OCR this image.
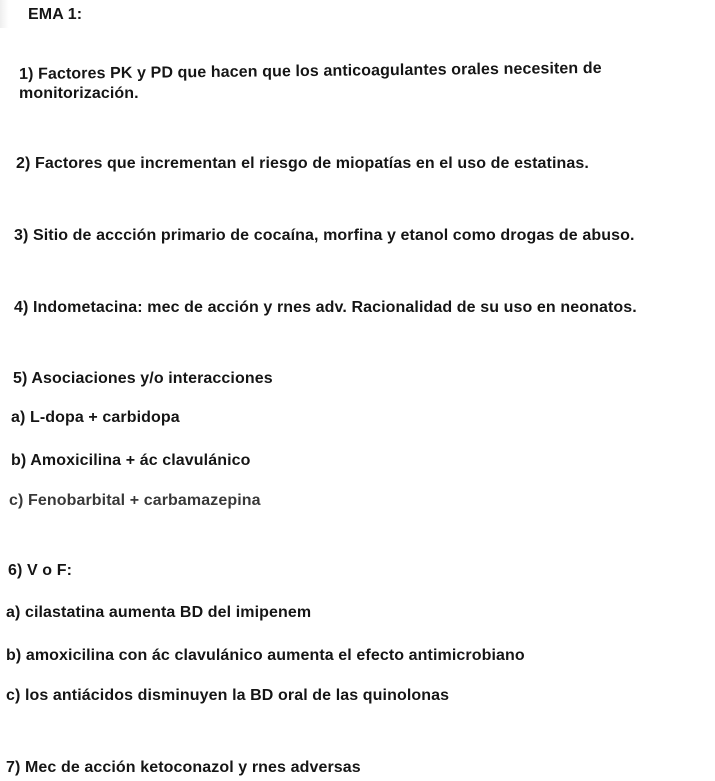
EMA 1:
1) Factores PK y PD que hacen que los anticoagulantes orales necesiten de
monitorización.
2) Factores que incrementan el riesgo de miopatías en el uso de estatinas.
3) Sitio de accción primario de cocaína, morfina y etanol como drogas de abuso.
4) Indometacina: mec de acción y rnes adv. Racionalidad de su uso en neonatos.
5) Asociaciones y/o interacciones
a) L-dopa + carbidopa
b) Amoxicilina + ác clavulánico
c) Fenobarbital + carbamazepina
6) V o F:
a) cilastatina aumenta BD del imipenem
b) amoxicilina con ác clavulánico aumenta el efecto antimicrobiano
c) los antiácidos disminuyen la BD oral de las quinolonas
7) Mec de acción ketoconazol y rnes adversas
